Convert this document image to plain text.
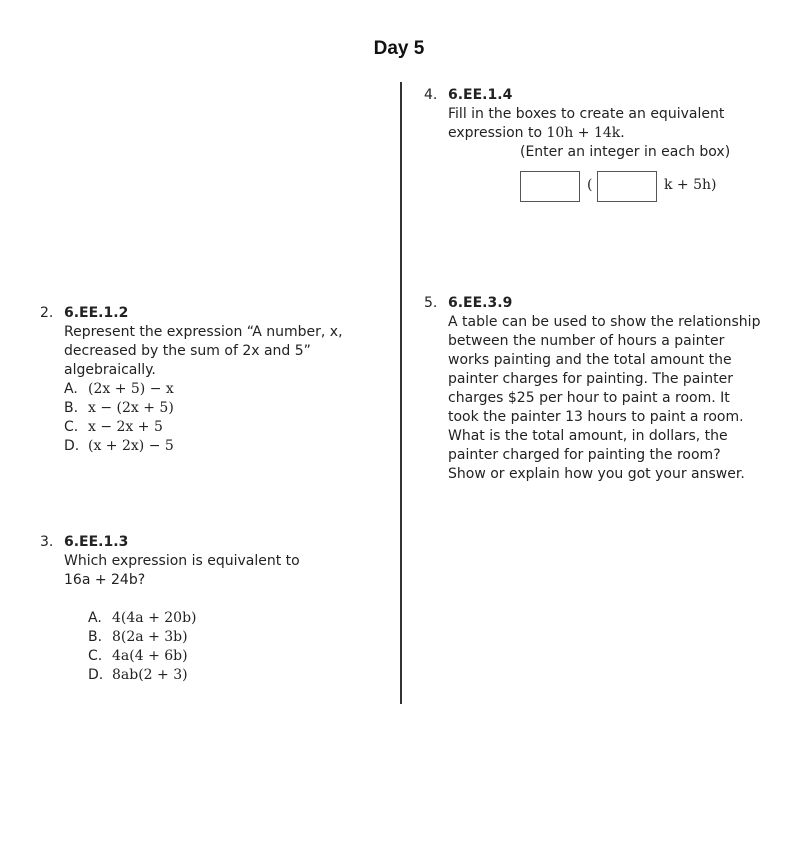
Day 5
4. 6.EE.1.4
Fill in the boxes to create an equivalent
expression to 10h + 14k.
(Enter an integer in each box)
(	k + 5h)
2. 6.EE.1.2
Represent the expression “A number, x,
decreased by the sum of 2x and 5”
algebraically.
A. (2x + 5) − x
B. x − (2x + 5)
C. x − 2x + 5
D. (x + 2x) − 5
5. 6.EE.3.9
A table can be used to show the relationship
between the number of hours a painter
works painting and the total amount the
painter charges for painting. The painter
charges $25 per hour to paint a room. It
took the painter 13 hours to paint a room.
What is the total amount, in dollars, the
painter charged for painting the room?
Show or explain how you got your answer.
3. 6.EE.1.3
Which expression is equivalent to
16a + 24b?
A. 4(4a + 20b)
B. 8(2a + 3b)
C. 4a(4 + 6b)
D. 8ab(2 + 3)
